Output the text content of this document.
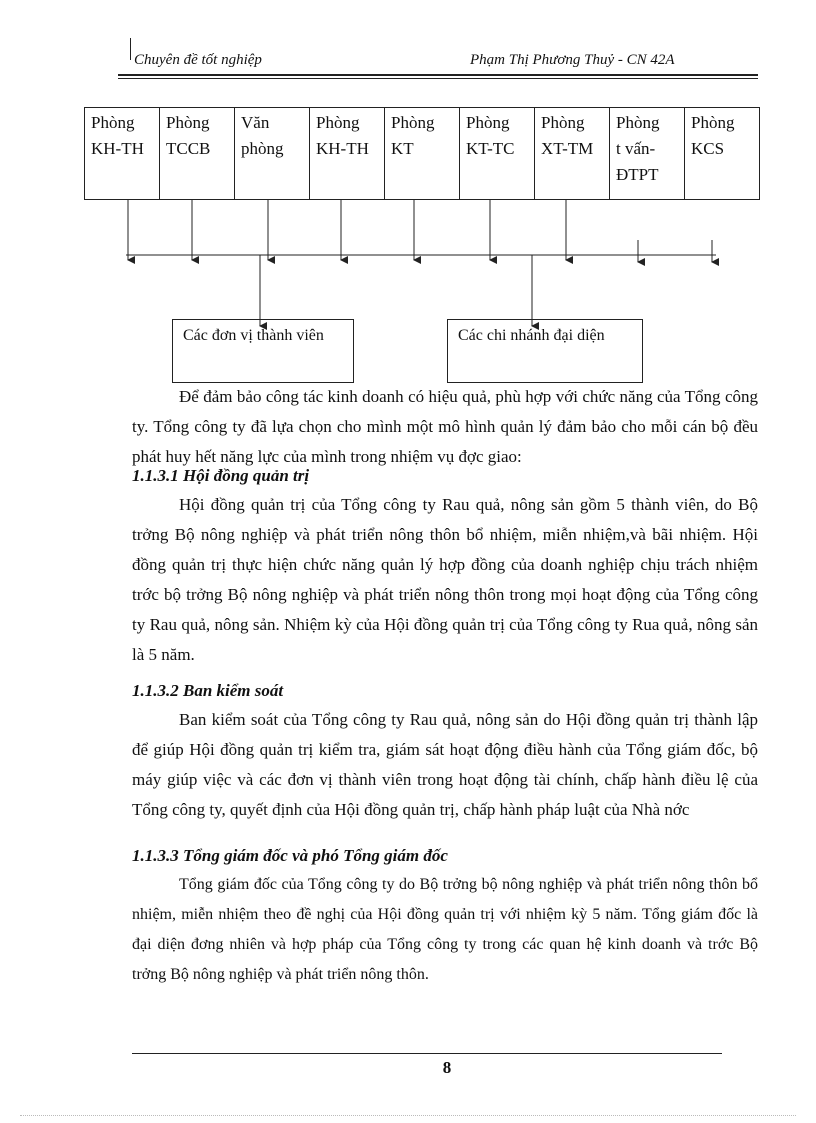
Chuyên đề tốt nghiệp	Phạm Thị Phương Thuỷ - CN 42A
Phòng
KH-TH
Phòng
TCCB
Văn
phòng
Phòng
KH-TH
Phòng
KT
Phòng
KT-TC
Phòng
XT-TM
Phòng
t vấn-
ĐTPT
Phòng
KCS
Các đơn vị thành viên	Các chi nhánh đại diện
Để đảm bảo công tác kinh doanh có hiệu quả, phù hợp với chức năng của Tổng công ty. Tổng công ty đã lựa chọn cho mình một mô hình quản lý đảm bảo cho mỗi cán bộ đều phát huy hết năng lực của mình trong nhiệm vụ đợc giao:
1.1.3.1 Hội đồng quản trị
Hội đồng quản trị của Tổng công ty Rau quả, nông sản gồm 5 thành viên, do Bộ trởng Bộ nông nghiệp và phát triển nông thôn bổ nhiệm, miễn nhiệm,và bãi nhiệm. Hội đồng quản trị thực hiện chức năng quản lý hợp đồng của doanh nghiệp chịu trách nhiệm trớc bộ trởng Bộ nông nghiệp và phát triển nông thôn trong mọi hoạt động của Tổng công ty Rau quả, nông sản. Nhiệm kỳ của Hội đồng quản trị của Tổng công ty Rua quả, nông sản là 5 năm.
1.1.3.2 Ban kiểm soát
Ban kiểm soát của Tổng công ty Rau quả, nông sản do Hội đồng quản trị thành lập để giúp Hội đồng quản trị kiểm tra, giám sát hoạt động điều hành của Tổng giám đốc, bộ máy giúp việc và các đơn vị thành viên trong hoạt động tài chính, chấp hành điều lệ của Tổng công ty, quyết định của Hội đồng quản trị, chấp hành pháp luật của Nhà nớc
1.1.3.3 Tổng giám đốc và phó Tổng giám đốc
Tổng giám đốc của Tổng công ty do Bộ trởng bộ nông nghiệp và phát triển nông thôn bổ nhiệm, miễn nhiệm theo đề nghị của Hội đồng quản trị với nhiệm kỳ 5 năm. Tổng giám đốc là đại diện đơng nhiên và hợp pháp của Tổng công ty trong các quan hệ kinh doanh và trớc Bộ trởng Bộ nông nghiệp và phát triển nông thôn.
8
